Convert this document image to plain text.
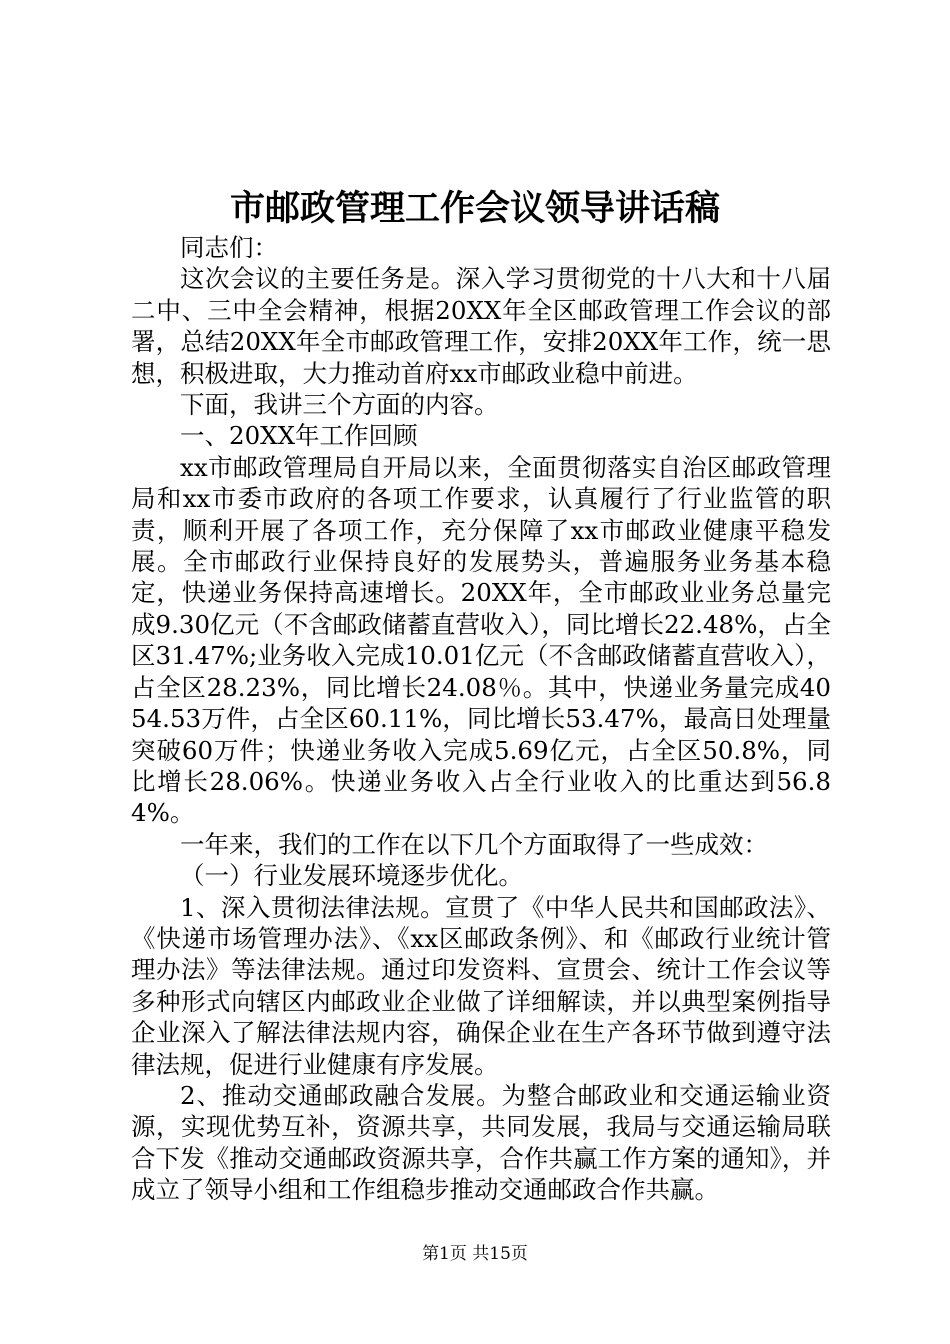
市邮政管理工作会议领导讲话稿

同志们：

这次会议的主要任务是。深入学习贯彻党的十八大和十八届二中、三中全会精神，根据20XX年全区邮政管理工作会议的部署，总结20XX年全市邮政管理工作，安排20XX年工作，统一思想，积极进取，大力推动首府xx市邮政业稳中前进。

下面，我讲三个方面的内容。

一、20XX年工作回顾

xx市邮政管理局自开局以来，全面贯彻落实自治区邮政管理局和xx市委市政府的各项工作要求，认真履行了行业监管的职责，顺利开展了各项工作，充分保障了xx市邮政业健康平稳发展。全市邮政行业保持良好的发展势头，普遍服务业务基本稳定，快递业务保持高速增长。20XX年，全市邮政业业务总量完成9.30亿元（不含邮政储蓄直营收入），同比增长22.48%，占全区31.47%;业务收入完成10.01亿元（不含邮政储蓄直营收入），占全区28.23%，同比增长24.08％。其中，快递业务量完成4054.53万件，占全区60.11%，同比增长53.47%，最高日处理量突破60万件；快递业务收入完成5.69亿元，占全区50.8%，同比增长28.06%。快递业务收入占全行业收入的比重达到56.84%。

一年来，我们的工作在以下几个方面取得了一些成效：

（一）行业发展环境逐步优化。

1、深入贯彻法律法规。宣贯了《中华人民共和国邮政法》、《快递市场管理办法》、《xx区邮政条例》、和《邮政行业统计管理办法》等法律法规。通过印发资料、宣贯会、统计工作会议等多种形式向辖区内邮政业企业做了详细解读，并以典型案例指导企业深入了解法律法规内容，确保企业在生产各环节做到遵守法律法规，促进行业健康有序发展。

2、推动交通邮政融合发展。为整合邮政业和交通运输业资源，实现优势互补，资源共享，共同发展，我局与交通运输局联合下发《推动交通邮政资源共享，合作共赢工作方案的通知》，并成立了领导小组和工作组稳步推动交通邮政合作共赢。

第1页 共15页
